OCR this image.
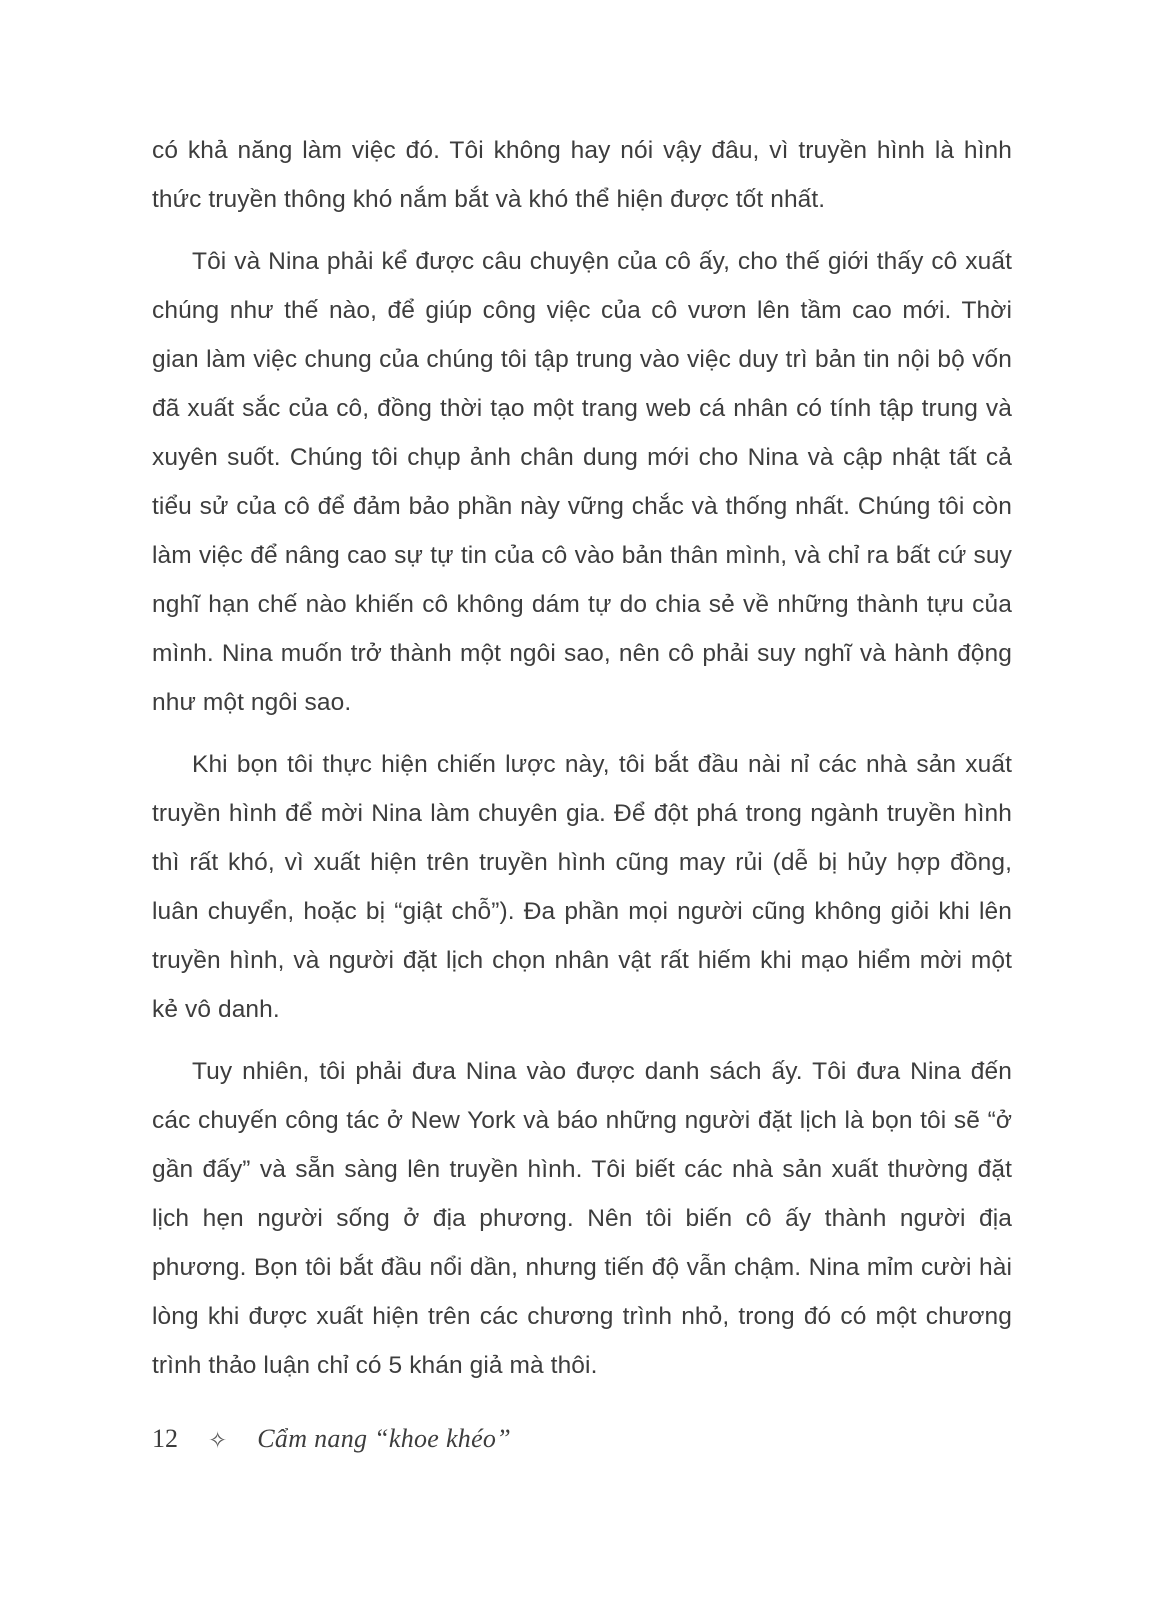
có khả năng làm việc đó. Tôi không hay nói vậy đâu, vì truyền hình là hình thức truyền thông khó nắm bắt và khó thể hiện được tốt nhất.

Tôi và Nina phải kể được câu chuyện của cô ấy, cho thế giới thấy cô xuất chúng như thế nào, để giúp công việc của cô vươn lên tầm cao mới. Thời gian làm việc chung của chúng tôi tập trung vào việc duy trì bản tin nội bộ vốn đã xuất sắc của cô, đồng thời tạo một trang web cá nhân có tính tập trung và xuyên suốt. Chúng tôi chụp ảnh chân dung mới cho Nina và cập nhật tất cả tiểu sử của cô để đảm bảo phần này vững chắc và thống nhất. Chúng tôi còn làm việc để nâng cao sự tự tin của cô vào bản thân mình, và chỉ ra bất cứ suy nghĩ hạn chế nào khiến cô không dám tự do chia sẻ về những thành tựu của mình. Nina muốn trở thành một ngôi sao, nên cô phải suy nghĩ và hành động như một ngôi sao.

Khi bọn tôi thực hiện chiến lược này, tôi bắt đầu nài nỉ các nhà sản xuất truyền hình để mời Nina làm chuyên gia. Để đột phá trong ngành truyền hình thì rất khó, vì xuất hiện trên truyền hình cũng may rủi (dễ bị hủy hợp đồng, luân chuyển, hoặc bị “giật chỗ”). Đa phần mọi người cũng không giỏi khi lên truyền hình, và người đặt lịch chọn nhân vật rất hiếm khi mạo hiểm mời một kẻ vô danh.

Tuy nhiên, tôi phải đưa Nina vào được danh sách ấy. Tôi đưa Nina đến các chuyến công tác ở New York và báo những người đặt lịch là bọn tôi sẽ “ở gần đấy” và sẵn sàng lên truyền hình. Tôi biết các nhà sản xuất thường đặt lịch hẹn người sống ở địa phương. Nên tôi biến cô ấy thành người địa phương. Bọn tôi bắt đầu nổi dần, nhưng tiến độ vẫn chậm. Nina mỉm cười hài lòng khi được xuất hiện trên các chương trình nhỏ, trong đó có một chương trình thảo luận chỉ có 5 khán giả mà thôi.

12 ✧ Cẩm nang “khoe khéo”
